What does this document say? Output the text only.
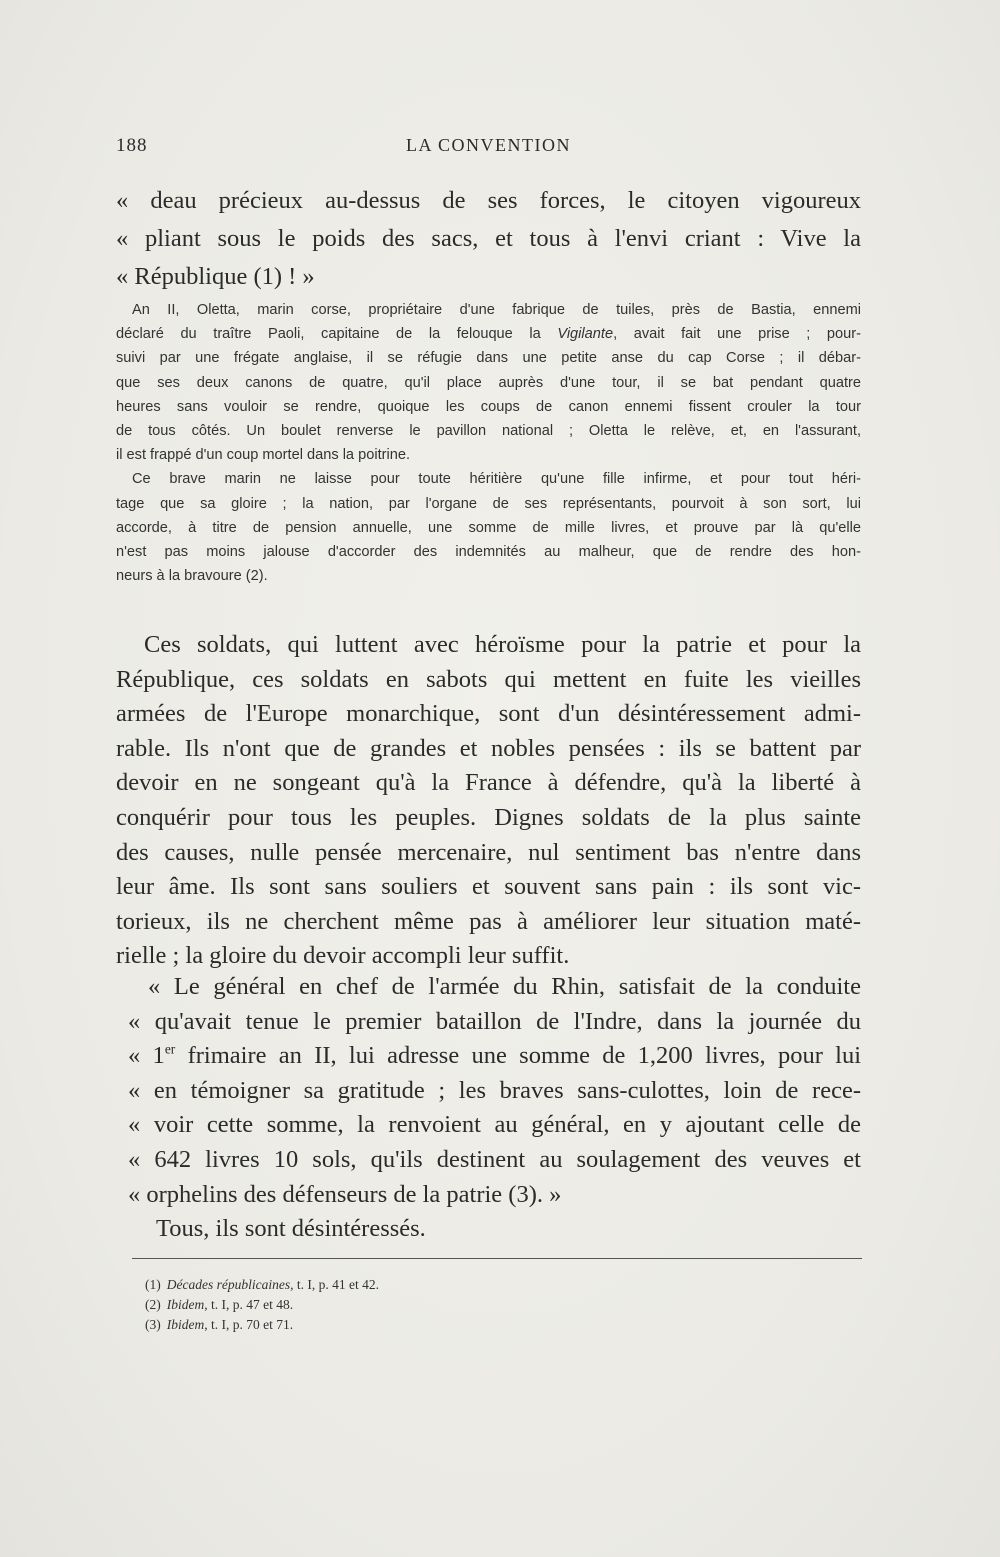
188	LA CONVENTION
« deau précieux au-dessus de ses forces, le citoyen vigoureux
« pliant sous le poids des sacs, et tous à l'envi criant : Vive la
« République (1) ! »
An II, Oletta, marin corse, propriétaire d'une fabrique de tuiles, près de Bastia, ennemi
déclaré du traître Paoli, capitaine de la felouque la Vigilante, avait fait une prise ; pour-
suivi par une frégate anglaise, il se réfugie dans une petite anse du cap Corse ; il débar-
que ses deux canons de quatre, qu'il place auprès d'une tour, il se bat pendant quatre
heures sans vouloir se rendre, quoique les coups de canon ennemi fissent crouler la tour
de tous côtés. Un boulet renverse le pavillon national ; Oletta le relève, et, en l'assurant,
il est frappé d'un coup mortel dans la poitrine.
Ce brave marin ne laisse pour toute héritière qu'une fille infirme, et pour tout héri-
tage que sa gloire ; la nation, par l'organe de ses représentants, pourvoit à son sort, lui
accorde, à titre de pension annuelle, une somme de mille livres, et prouve par là qu'elle
n'est pas moins jalouse d'accorder des indemnités au malheur, que de rendre des hon-
neurs à la bravoure (2).
Ces soldats, qui luttent avec héroïsme pour la patrie et pour la
République, ces soldats en sabots qui mettent en fuite les vieilles
armées de l'Europe monarchique, sont d'un désintéressement admi-
rable. Ils n'ont que de grandes et nobles pensées : ils se battent par
devoir en ne songeant qu'à la France à défendre, qu'à la liberté à
conquérir pour tous les peuples. Dignes soldats de la plus sainte
des causes, nulle pensée mercenaire, nul sentiment bas n'entre dans
leur âme. Ils sont sans souliers et souvent sans pain : ils sont vic-
torieux, ils ne cherchent même pas à améliorer leur situation maté-
rielle ; la gloire du devoir accompli leur suffit.
« Le général en chef de l'armée du Rhin, satisfait de la conduite
« qu'avait tenue le premier bataillon de l'Indre, dans la journée du
« 1er frimaire an II, lui adresse une somme de 1,200 livres, pour lui
« en témoigner sa gratitude ; les braves sans-culottes, loin de rece-
« voir cette somme, la renvoient au général, en y ajoutant celle de
« 642 livres 10 sols, qu'ils destinent au soulagement des veuves et
« orphelins des défenseurs de la patrie (3). »
Tous, ils sont désintéressés.
(1) Décades républicaines, t. I, p. 41 et 42.
(2) Ibidem, t. I, p. 47 et 48.
(3) Ibidem, t. I, p. 70 et 71.
